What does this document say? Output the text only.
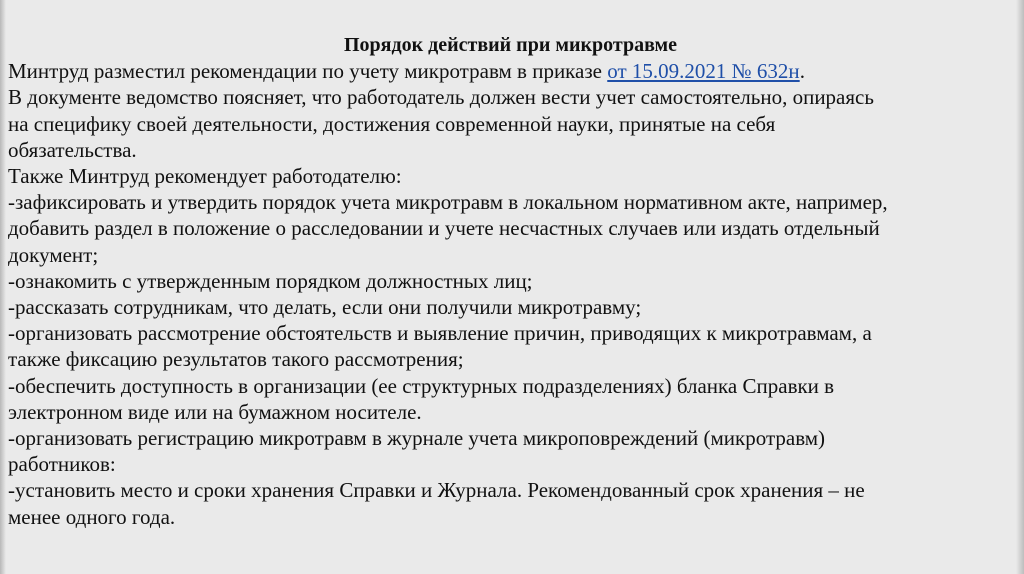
Порядок действий при микротравме

Минтруд разместил рекомендации по учету микротравм в приказе от 15.09.2021 № 632н.

В документе ведомство поясняет, что работодатель должен вести учет самостоятельно, опираясь

на специфику своей деятельности, достижения современной науки, принятые на себя

обязательства.

Также Минтруд рекомендует работодателю:

-зафиксировать и утвердить порядок учета микротравм в локальном нормативном акте, например,

добавить раздел в положение о расследовании и учете несчастных случаев или издать отдельный

документ;

-ознакомить с утвержденным порядком должностных лиц;

-рассказать сотрудникам, что делать, если они получили микротравму;

-организовать рассмотрение обстоятельств и выявление причин, приводящих к микротравмам, а

также фиксацию результатов такого рассмотрения;

-обеспечить доступность в организации (ее структурных подразделениях) бланка Справки в

электронном виде или на бумажном носителе.

-организовать регистрацию микротравм в журнале учета микроповреждений (микротравм)

работников:

-установить место и сроки хранения Справки и Журнала. Рекомендованный срок хранения – не

менее одного года.
